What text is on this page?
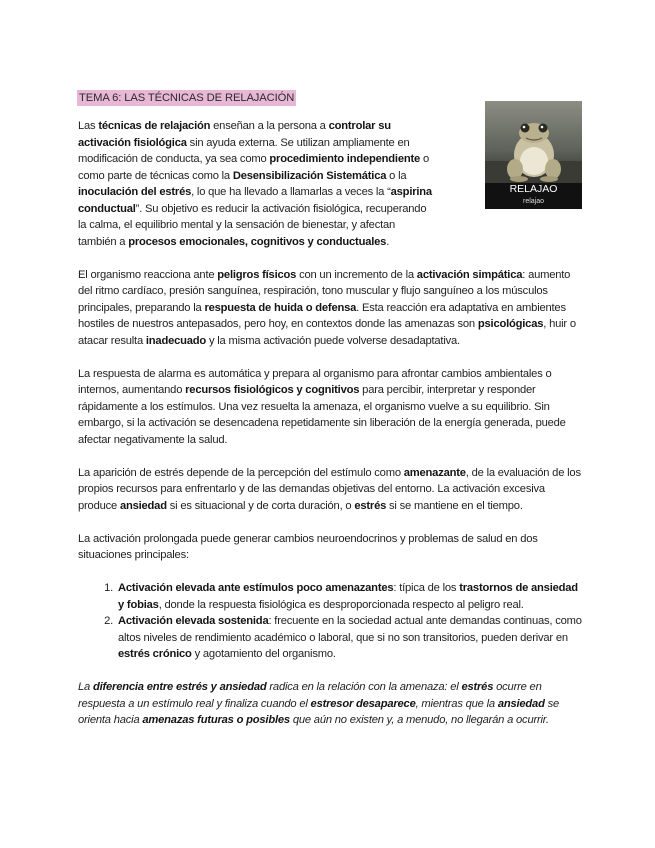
TEMA 6: LAS TÉCNICAS DE RELAJACIÓN
RELAJAO
relajao

Las técnicas de relajación enseñan a la persona a controlar su
activación fisiológica sin ayuda externa. Se utilizan ampliamente en
modificación de conducta, ya sea como procedimiento independiente o
como parte de técnicas como la Desensibilización Sistemática o la
inoculación del estrés, lo que ha llevado a llamarlas a veces la “aspirina
conductual”. Su objetivo es reducir la activación fisiológica, recuperando
la calma, el equilibrio mental y la sensación de bienestar, y afectan
también a procesos emocionales, cognitivos y conductuales.

El organismo reacciona ante peligros físicos con un incremento de la activación simpática: aumento del ritmo cardíaco, presión sanguínea, respiración, tono muscular y flujo sanguíneo a los músculos principales, preparando la respuesta de huida o defensa. Esta reacción era adaptativa en ambientes hostiles de nuestros antepasados, pero hoy, en contextos donde las amenazas son psicológicas, huir o atacar resulta inadecuado y la misma activación puede volverse desadaptativa.

La respuesta de alarma es automática y prepara al organismo para afrontar cambios ambientales o internos, aumentando recursos fisiológicos y cognitivos para percibir, interpretar y responder rápidamente a los estímulos. Una vez resuelta la amenaza, el organismo vuelve a su equilibrio. Sin embargo, si la activación se desencadena repetidamente sin liberación de la energía generada, puede afectar negativamente la salud.

La aparición de estrés depende de la percepción del estímulo como amenazante, de la evaluación de los propios recursos para enfrentarlo y de las demandas objetivas del entorno. La activación excesiva produce ansiedad si es situacional y de corta duración, o estrés si se mantiene en el tiempo.

La activación prolongada puede generar cambios neuroendocrinos y problemas de salud en dos situaciones principales:

1. Activación elevada ante estímulos poco amenazantes: típica de los trastornos de ansiedad y fobias, donde la respuesta fisiológica es desproporcionada respecto al peligro real.
2. Activación elevada sostenida: frecuente en la sociedad actual ante demandas continuas, como altos niveles de rendimiento académico o laboral, que si no son transitorios, pueden derivar en estrés crónico y agotamiento del organismo.

La diferencia entre estrés y ansiedad radica en la relación con la amenaza: el estrés ocurre en respuesta a un estímulo real y finaliza cuando el estresor desaparece, mientras que la ansiedad se orienta hacia amenazas futuras o posibles que aún no existen y, a menudo, no llegarán a ocurrir.
